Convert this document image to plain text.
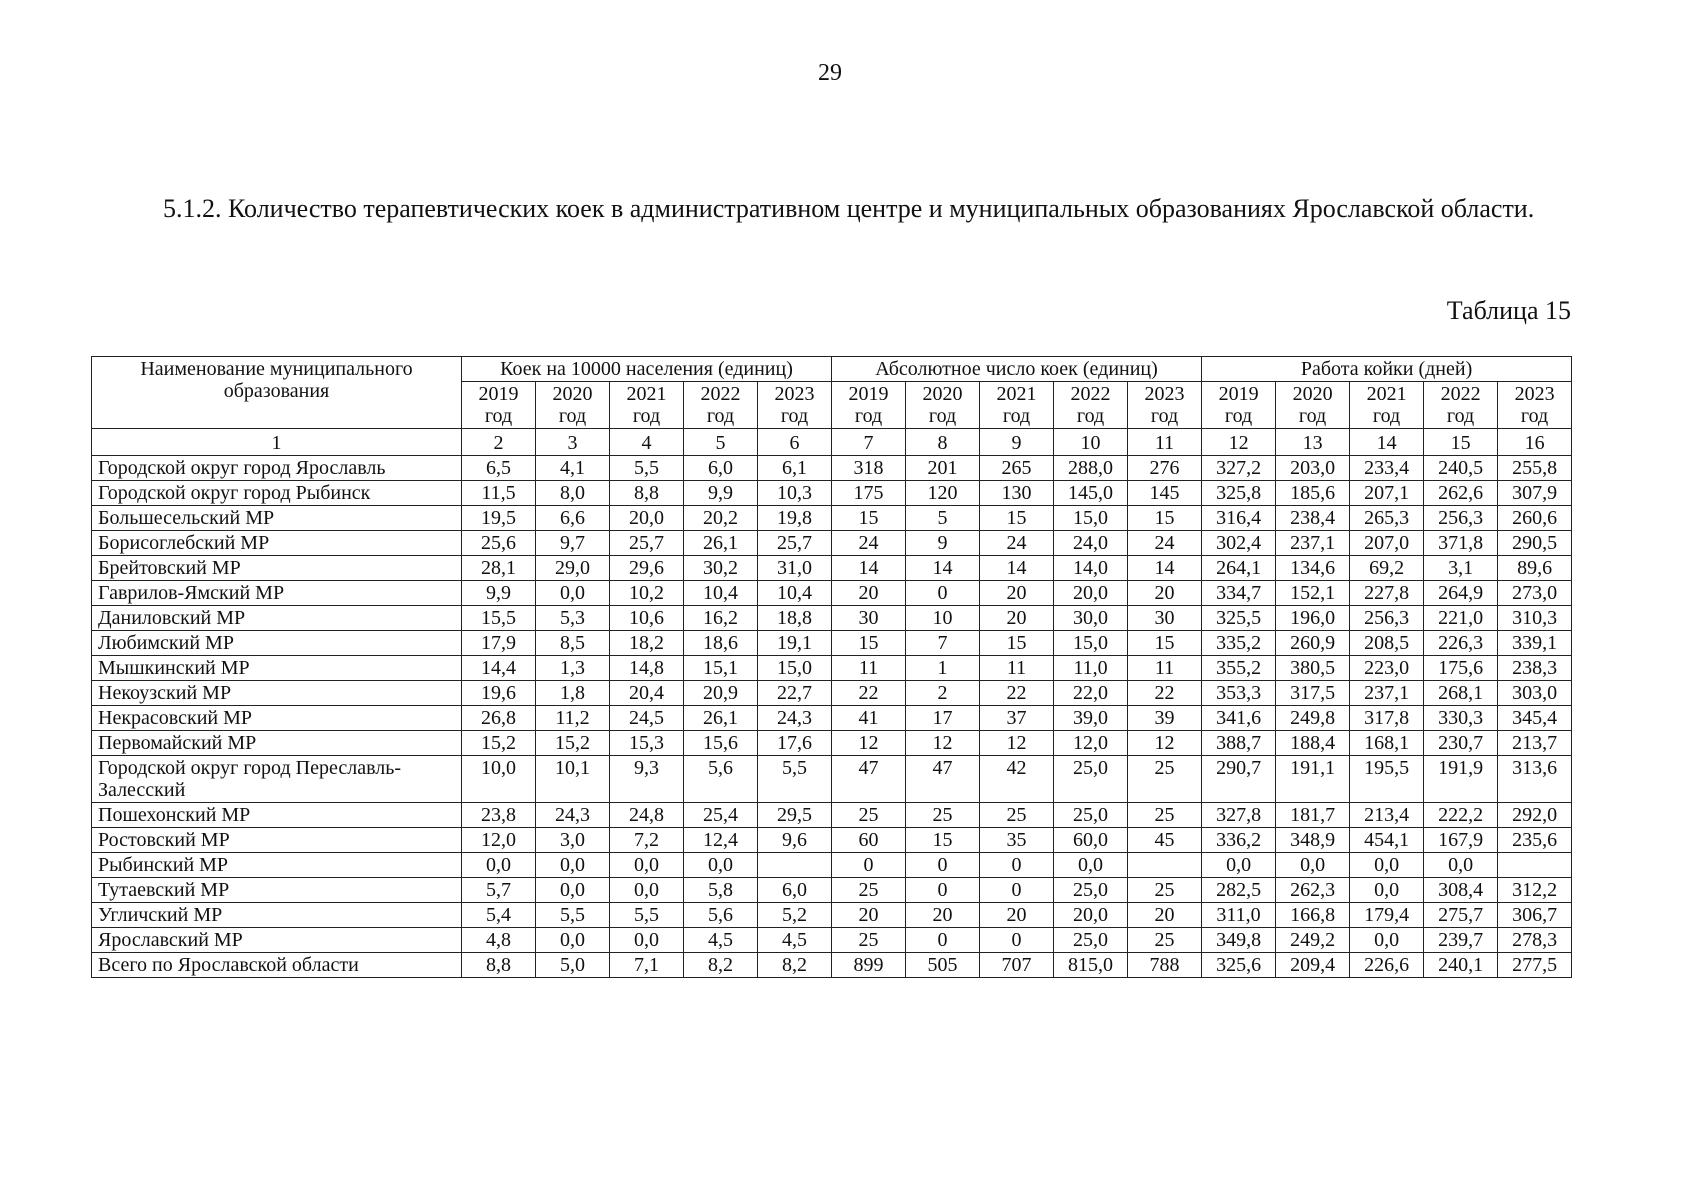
29
5.1.2. Количество терапевтических коек в административном центре и муниципальных образованиях Ярославской области.
Таблица 15
Наименование муниципального образования	Коек на 10000 населения (единиц)					Абсолютное число коек (единиц)					Работа койки (дней)				
	2019 год	2020 год	2021 год	2022 год	2023 год	2019 год	2020 год	2021 год	2022 год	2023 год	2019 год	2020 год	2021 год	2022 год	2023 год
1	2	3	4	5	6	7	8	9	10	11	12	13	14	15	16
Городской округ город Ярославль	6,5	4,1	5,5	6,0	6,1	318	201	265	288,0	276	327,2	203,0	233,4	240,5	255,8
Городской округ город Рыбинск	11,5	8,0	8,8	9,9	10,3	175	120	130	145,0	145	325,8	185,6	207,1	262,6	307,9
Большесельский МР	19,5	6,6	20,0	20,2	19,8	15	5	15	15,0	15	316,4	238,4	265,3	256,3	260,6
Борисоглебский МР	25,6	9,7	25,7	26,1	25,7	24	9	24	24,0	24	302,4	237,1	207,0	371,8	290,5
Брейтовский МР	28,1	29,0	29,6	30,2	31,0	14	14	14	14,0	14	264,1	134,6	69,2	3,1	89,6
Гаврилов-Ямский МР	9,9	0,0	10,2	10,4	10,4	20	0	20	20,0	20	334,7	152,1	227,8	264,9	273,0
Даниловский МР	15,5	5,3	10,6	16,2	18,8	30	10	20	30,0	30	325,5	196,0	256,3	221,0	310,3
Любимский МР	17,9	8,5	18,2	18,6	19,1	15	7	15	15,0	15	335,2	260,9	208,5	226,3	339,1
Мышкинский МР	14,4	1,3	14,8	15,1	15,0	11	1	11	11,0	11	355,2	380,5	223,0	175,6	238,3
Некоузский МР	19,6	1,8	20,4	20,9	22,7	22	2	22	22,0	22	353,3	317,5	237,1	268,1	303,0
Некрасовский МР	26,8	11,2	24,5	26,1	24,3	41	17	37	39,0	39	341,6	249,8	317,8	330,3	345,4
Первомайский МР	15,2	15,2	15,3	15,6	17,6	12	12	12	12,0	12	388,7	188,4	168,1	230,7	213,7
Городской округ город Переславль-Залесский	10,0	10,1	9,3	5,6	5,5	47	47	42	25,0	25	290,7	191,1	195,5	191,9	313,6
Пошехонский МР	23,8	24,3	24,8	25,4	29,5	25	25	25	25,0	25	327,8	181,7	213,4	222,2	292,0
Ростовский МР	12,0	3,0	7,2	12,4	9,6	60	15	35	60,0	45	336,2	348,9	454,1	167,9	235,6
Рыбинский МР	0,0	0,0	0,0	0,0		0	0	0	0,0		0,0	0,0	0,0	0,0	
Тутаевский МР	5,7	0,0	0,0	5,8	6,0	25	0	0	25,0	25	282,5	262,3	0,0	308,4	312,2
Угличский МР	5,4	5,5	5,5	5,6	5,2	20	20	20	20,0	20	311,0	166,8	179,4	275,7	306,7
Ярославский МР	4,8	0,0	0,0	4,5	4,5	25	0	0	25,0	25	349,8	249,2	0,0	239,7	278,3
Всего по Ярославской области	8,8	5,0	7,1	8,2	8,2	899	505	707	815,0	788	325,6	209,4	226,6	240,1	277,5
